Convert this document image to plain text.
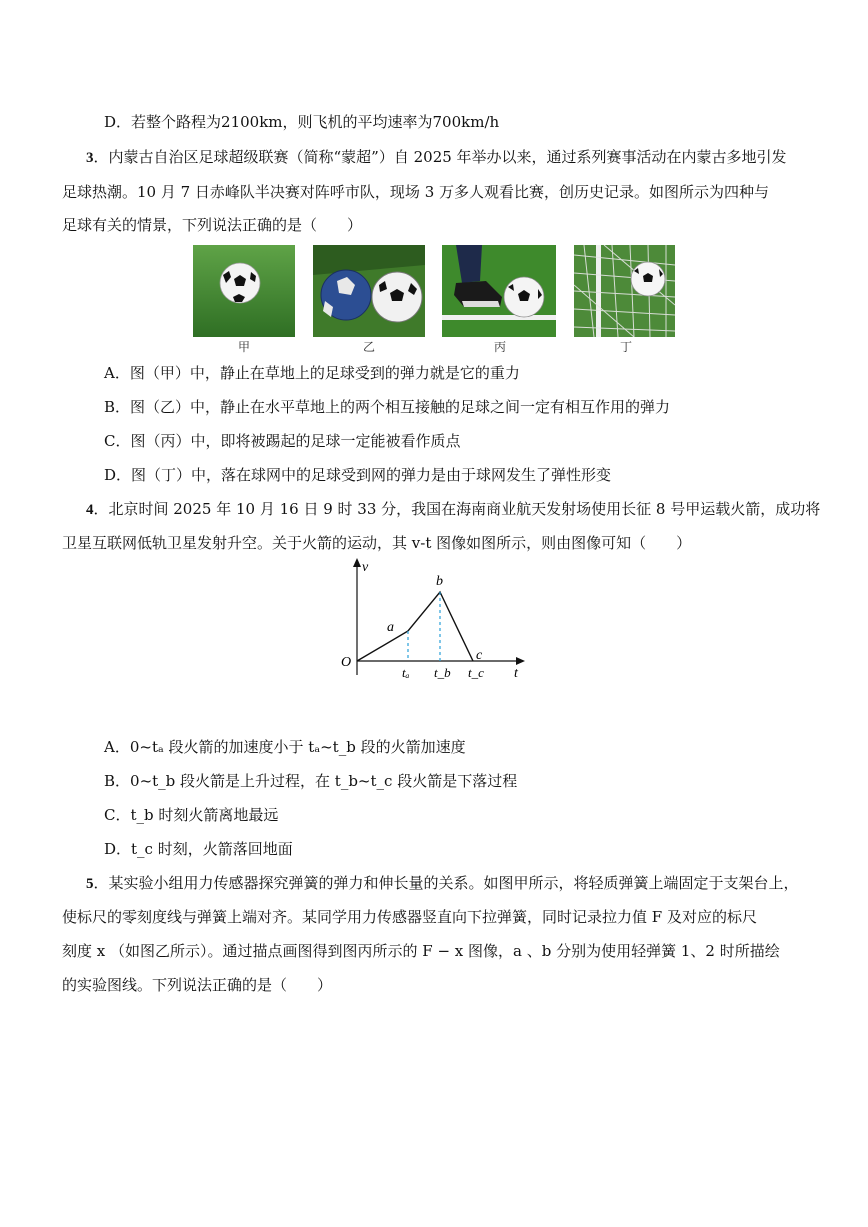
D．若整个路程为2100km，则飞机的平均速率为700km/h
3．内蒙古自治区足球超级联赛（简称“蒙超”）自 2025 年举办以来，通过系列赛事活动在内蒙古多地引发
足球热潮。10 月 7 日赤峰队半决赛对阵呼市队，现场 3 万多人观看比赛，创历史记录。如图所示为四种与
足球有关的情景，下列说法正确的是（　　）
甲	乙	丙	丁
A．图（甲）中，静止在草地上的足球受到的弹力就是它的重力
B．图（乙）中，静止在水平草地上的两个相互接触的足球之间一定有相互作用的弹力
C．图（丙）中，即将被踢起的足球一定能被看作质点
D．图（丁）中，落在球网中的足球受到网的弹力是由于球网发生了弹性形变
4．北京时间 2025 年 10 月 16 日 9 时 33 分，我国在海南商业航天发射场使用长征 8 号甲运载火箭，成功将
卫星互联网低轨卫星发射升空。关于火箭的运动，其 v-t 图像如图所示，则由图像可知（　　）
v
t
O
a
b
c
tₐ t_b t_c
A．0~tₐ 段火箭的加速度小于 tₐ~t_b 段的火箭加速度
B．0~t_b 段火箭是上升过程，在 t_b~t_c 段火箭是下落过程
C．t_b 时刻火箭离地最远
D．t_c 时刻，火箭落回地面
5．某实验小组用力传感器探究弹簧的弹力和伸长量的关系。如图甲所示，将轻质弹簧上端固定于支架台上，
使标尺的零刻度线与弹簧上端对齐。某同学用力传感器竖直向下拉弹簧，同时记录拉力值 F 及对应的标尺
刻度 x （如图乙所示）。通过描点画图得到图丙所示的 F − x 图像，a 、b 分别为使用轻弹簧 1、2 时所描绘
的实验图线。下列说法正确的是（　　）
